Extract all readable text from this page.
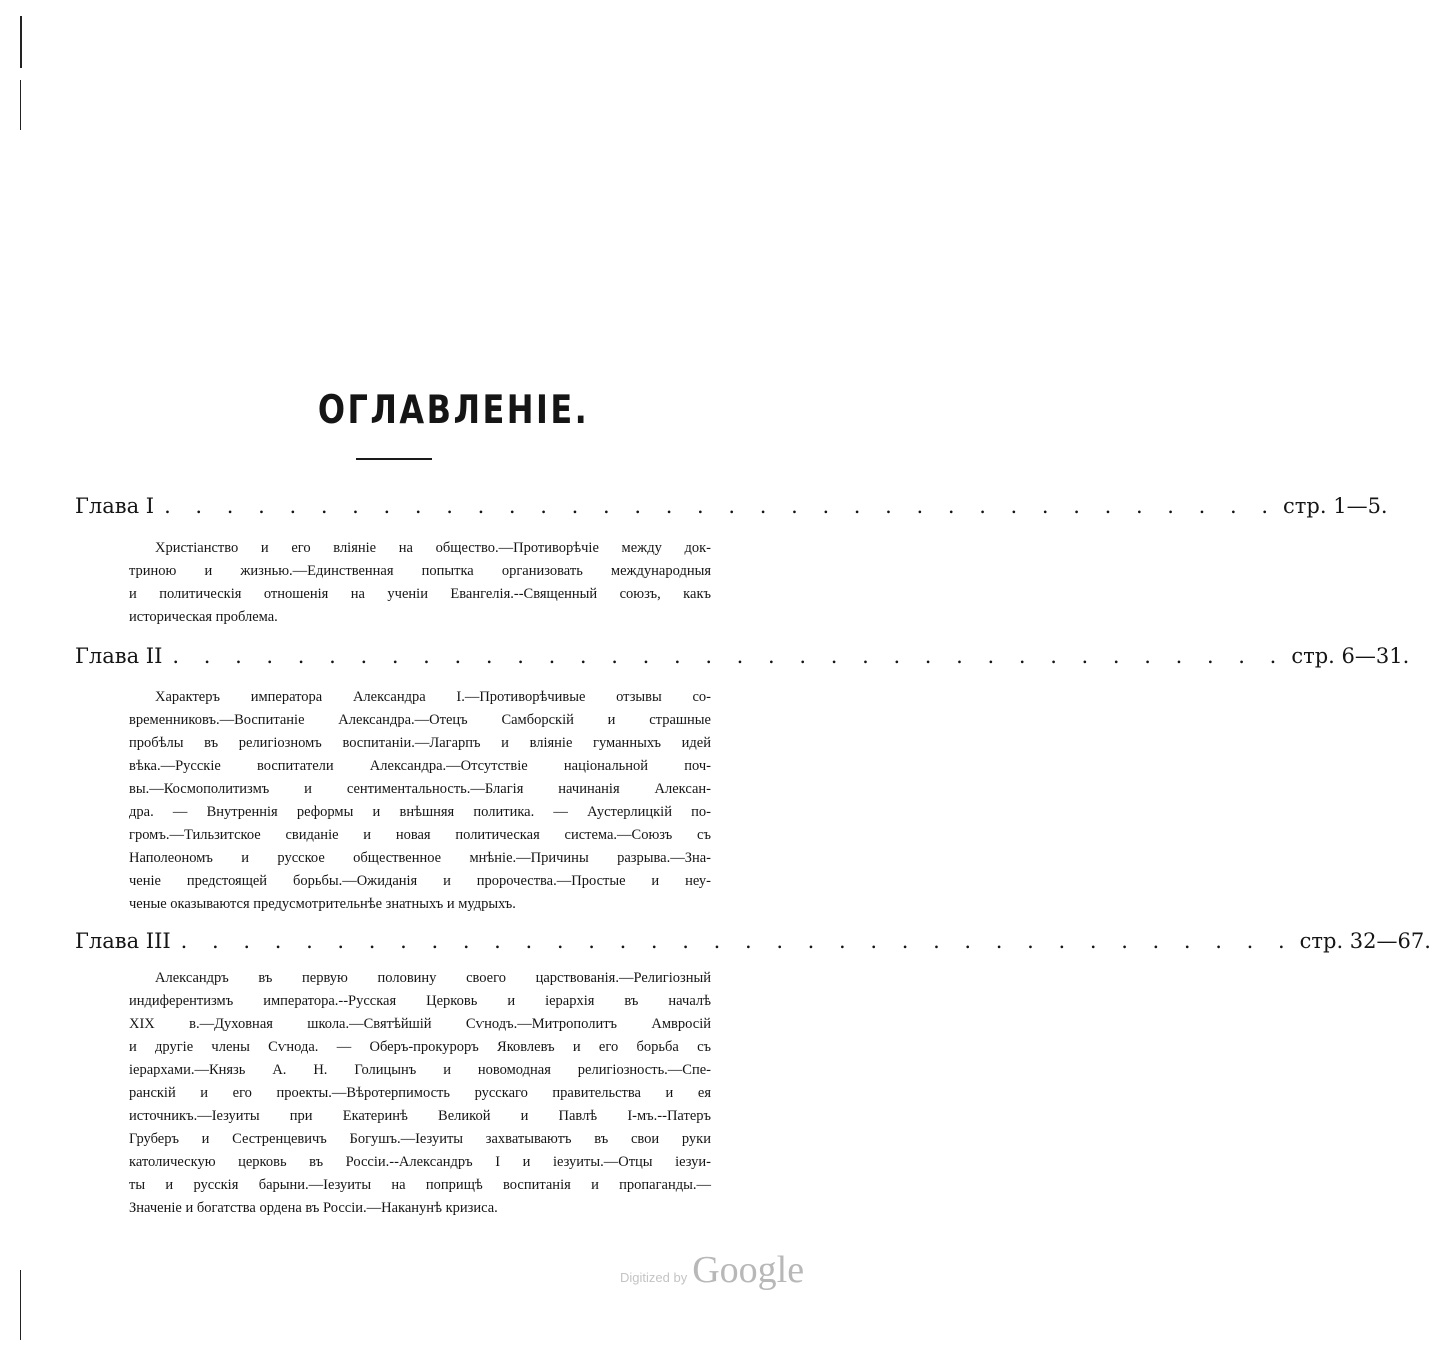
ОГЛАВЛЕНІЕ.
Глава I . . . . . . . . . . . . . . . . . . . . . . . . . . . . . . . . . . . . стр. 1—5.
Христіанство и его вліяніе на общество.—Противорѣчіе между док-
триною и жизнью.—Единственная попытка организовать международныя
и политическія отношенія на ученіи Евангелія.--Священный союзъ, какъ
историческая проблема.
Глава II . . . . . . . . . . . . . . . . . . . . . . . . . . . . . . . . . . . . стр. 6—31.
Характеръ императора Александра I.—Противорѣчивые отзывы со-
временниковъ.—Воспитаніе Александра.—Отецъ Самборскій и страшные
пробѣлы въ религіозномъ воспитаніи.—Лагарпъ и вліяніе гуманныхъ идей
вѣка.—Русскіе воспитатели Александра.—Отсутствіе національной поч-
вы.—Космополитизмъ и сентиментальность.—Благія начинанія Алексан-
дра. — Внутреннія реформы и внѣшняя политика. — Аустерлицкій по-
громъ.—Тильзитское свиданіе и новая политическая система.—Союзъ съ
Наполеономъ и русское общественное мнѣніе.—Причины разрыва.—Зна-
ченіе предстоящей борьбы.—Ожиданія и пророчества.—Простые и неу-
ченые оказываются предусмотрительнѣе знатныхъ и мудрыхъ.
Глава III . . . . . . . . . . . . . . . . . . . . . . . . . . . . . . . . . . . . стр. 32—67.
Александръ въ первую половину своего царствованія.—Религіозный
индиферентизмъ императора.--Русская Церковь и іерархія въ началѣ
XIX в.—Духовная школа.—Святѣйшій Сѵнодъ.—Митрополитъ Амвросій
и другіе члены Сѵнода. — Оберъ-прокуроръ Яковлевъ и его борьба съ
іерархами.—Князь А. Н. Голицынъ и новомодная религіозность.—Спе-
ранскій и его проекты.—Вѣротерпимость русскаго правительства и ея
источникъ.—Іезуиты при Екатеринѣ Великой и Павлѣ І-мъ.--Патеръ
Груберъ и Сестренцевичъ Богушъ.—Іезуиты захватываютъ въ свои руки
католическую церковь въ Россіи.--Александръ I и іезуиты.—Отцы іезуи-
ты и русскія барыни.—Іезуиты на поприщѣ воспитанія и пропаганды.—
Значеніе и богатства ордена въ Россіи.—Наканунѣ кризиса.
Digitized by Google
